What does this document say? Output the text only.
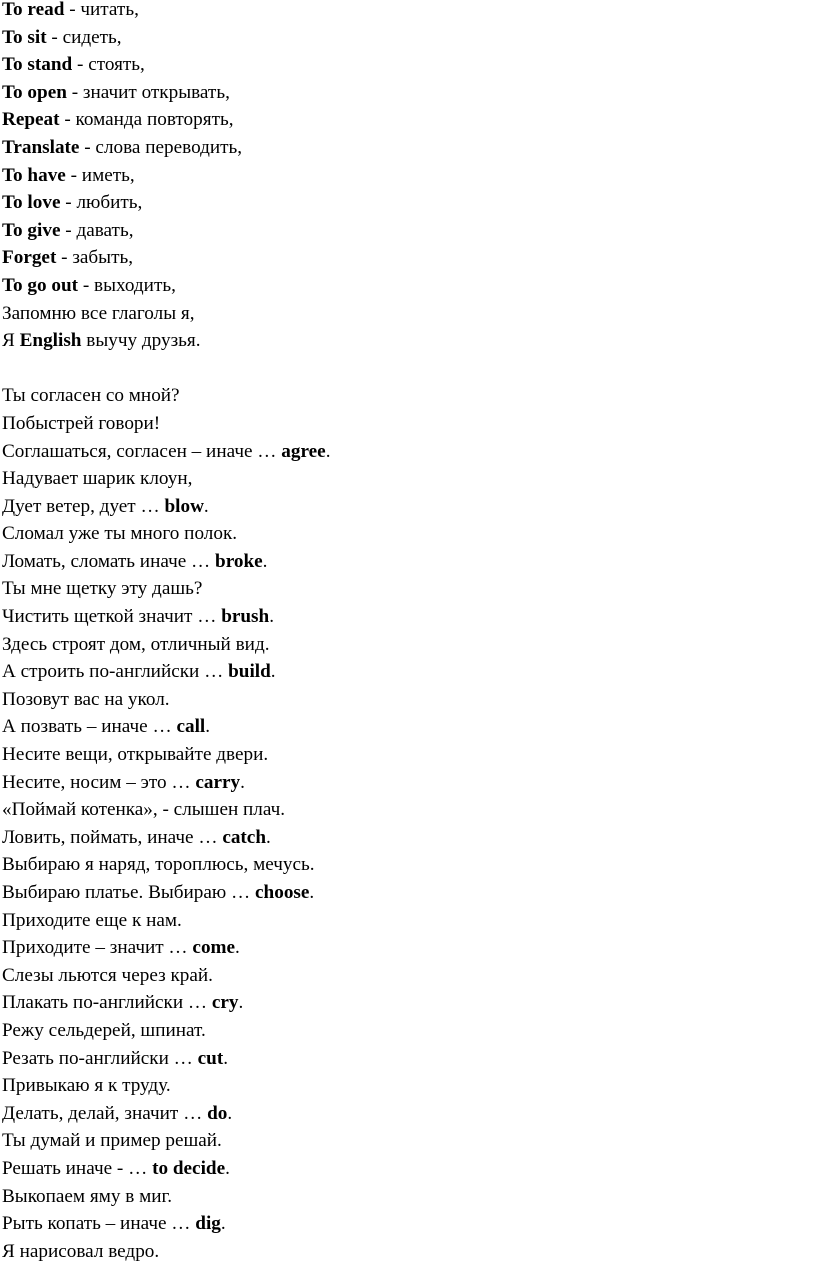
To read - читать,
To sit - сидеть,
To stand - стоять,
To open - значит открывать,
Repeat - команда повторять,
Translate - слова переводить,
To have - иметь,
To love - любить,
To give - давать,
Forget - забыть,
To go out - выходить,
Запомню все глаголы я,
Я English выучу друзья.
Ты согласен со мной?
Побыстрей говори!
Соглашаться, согласен – иначе … agree.
Надувает шарик клоун,
Дует ветер, дует … blow.
Сломал уже ты много полок.
Ломать, сломать иначе … broke.
Ты мне щетку эту дашь?
Чистить щеткой значит … brush.
Здесь строят дом, отличный вид.
А строить по-английски … build.
Позовут вас на укол.
А позвать – иначе … call.
Несите вещи, открывайте двери.
Несите, носим – это … carry.
«Поймай котенка», - слышен плач.
Ловить, поймать, иначе … catch.
Выбираю я наряд, тороплюсь, мечусь.
Выбираю платье. Выбираю … choose.
Приходите еще к нам.
Приходите – значит … come.
Слезы льются через край.
Плакать по-английски … cry.
Режу сельдерей, шпинат.
Резать по-английски … cut.
Привыкаю я к труду.
Делать, делай, значит … do.
Ты думай и пример решай.
Решать иначе - … to decide.
Выкопаем яму в миг.
Рыть копать – иначе … dig.
Я нарисовал ведро.
